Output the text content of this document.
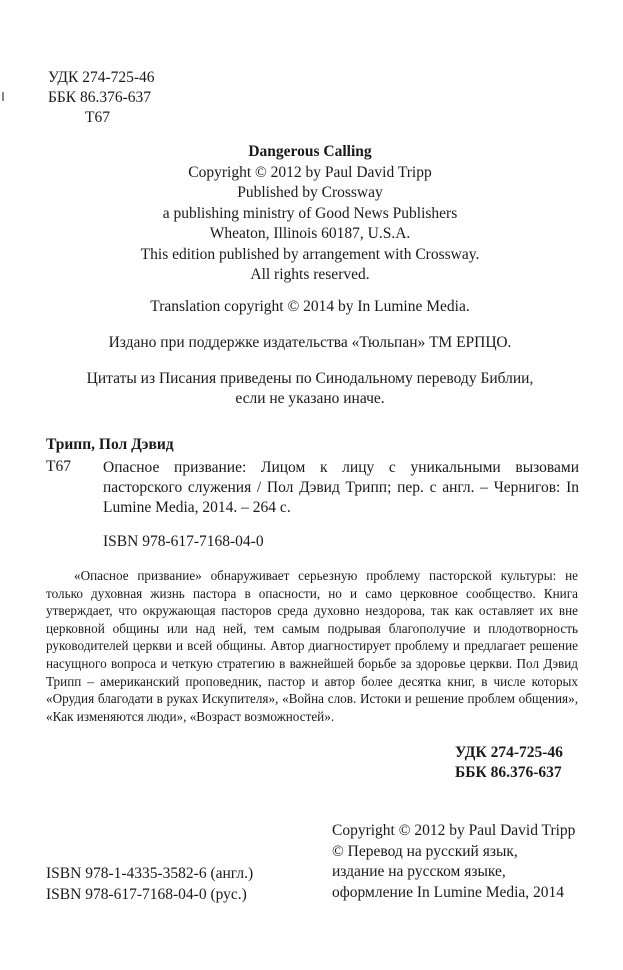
УДК 274-725-46
ББК 86.376-637
Т67

Dangerous Calling

Copyright © 2012 by Paul David Tripp

Published by Crossway

a publishing ministry of Good News Publishers

Wheaton, Illinois 60187, U.S.A.

This edition published by arrangement with Crossway.

All rights reserved.

Translation copyright © 2014 by In Lumine Media.
Издано при поддержке издательства «Тюльпан» ТМ ЕРПЦО.
Цитаты из Писания приведены по Синодальному переводу Библии,
если не указано иначе.
Трипп, Пол Дэвид
Т67 Опасное призвание: Лицом к лицу с уникальными вызовами пасторского служения / Пол Дэвид Трипп; пер. с англ. – Чернигов: In Lumine Media, 2014. – 264 с.
ISBN 978-617-7168-04-0
«Опасное призвание» обнаруживает серьезную проблему пасторской культуры: не только духовная жизнь пастора в опасности, но и само церковное сообщество. Книга утверждает, что окружающая пасторов среда духовно нездорова, так как оставляет их вне церковной общины или над ней, тем самым подрывая благополучие и плодотворность руководителей церкви и всей общины. Автор диагностирует проблему и предлагает решение насущного вопроса и четкую стратегию в важнейшей борьбе за здоровье церкви. Пол Дэвид Трипп – американский проповедник, пастор и автор более десятка книг, в числе которых «Орудия благодати в руках Искупителя», «Война слов. Истоки и решение проблем общения», «Как изменяются люди», «Возраст возможностей».
УДК 274-725-46
ББК 86.376-637
Copyright © 2012 by Paul David Tripp
© Перевод на русский язык,
издание на русском языке,
оформление In Lumine Media, 2014
ISBN 978-1-4335-3582-6 (англ.)
ISBN 978-617-7168-04-0 (рус.)
